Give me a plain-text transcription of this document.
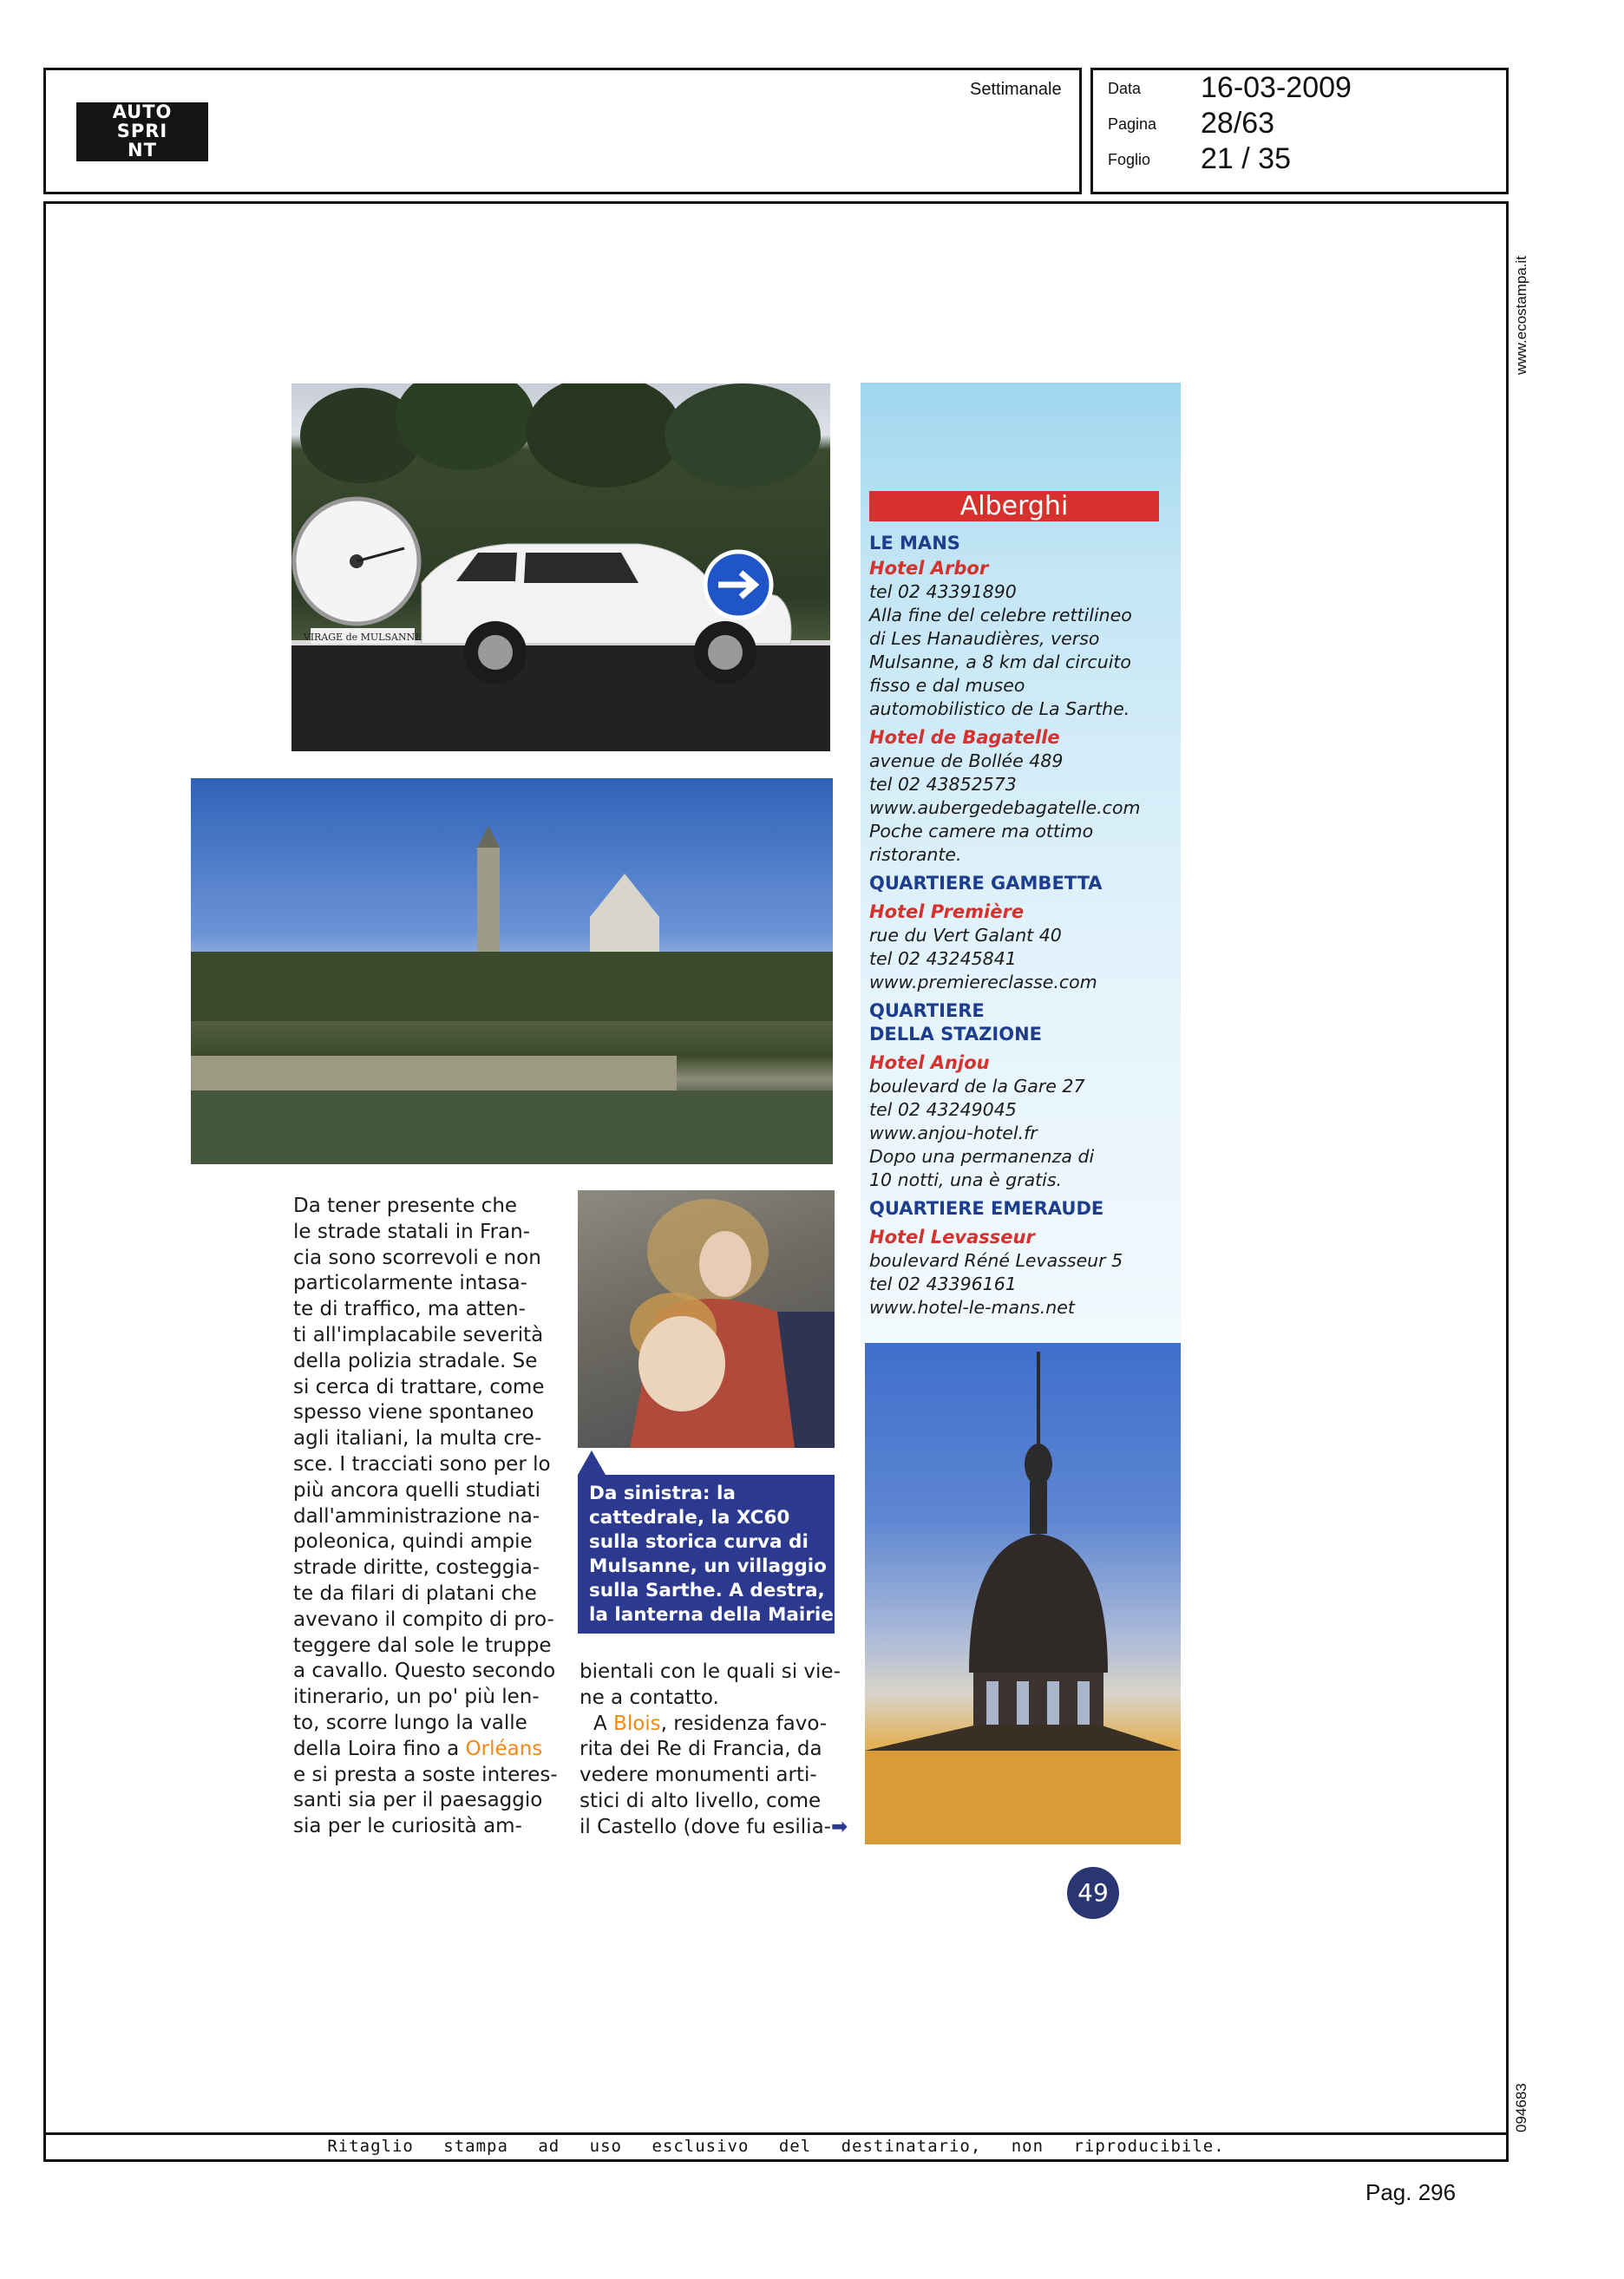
AUTO
SPRI
NT
Settimanale	Data 16-03-2009
Pagina 28/63
Foglio 21 / 35
Ritaglio stampa ad uso esclusivo del destinatario, non riproducibile.
Pag. 296
www.ecostampa.it
094683
VIRAGE de MULSANNE
Da sinistra: la
cattedrale, la XC60
sulla storica curva di
Mulsanne, un villaggio
sulla Sarthe. A destra,
la lanterna della Mairie
Alberghi
LE MANS
Hotel Arbor
tel 02 43391890
Alla fine del celebre rettilineo
di Les Hanaudières, verso
Mulsanne, a 8 km dal circuito
fisso e dal museo
automobilistico de La Sarthe.
Hotel de Bagatelle
avenue de Bollée 489
tel 02 43852573
www.aubergedebagatelle.com
Poche camere ma ottimo
ristorante.
QUARTIERE GAMBETTA
Hotel Première
rue du Vert Galant 40
tel 02 43245841
www.premiereclasse.com
QUARTIERE
DELLA STAZIONE
Hotel Anjou
boulevard de la Gare 27
tel 02 43249045
www.anjou-hotel.fr
Dopo una permanenza di
10 notti, una è gratis.
QUARTIERE EMERAUDE
Hotel Levasseur
boulevard Réné Levasseur 5
tel 02 43396161
www.hotel-le-mans.net
Da tener presente che
le strade statali in Fran-
cia sono scorrevoli e non
particolarmente intasa-
te di traffico, ma atten-
ti all'implacabile severità
della polizia stradale. Se
si cerca di trattare, come
spesso viene spontaneo
agli italiani, la multa cre-
sce. I tracciati sono per lo
più ancora quelli studiati
dall'amministrazione na-
poleonica, quindi ampie
strade diritte, costeggia-
te da filari di platani che
avevano il compito di pro-
teggere dal sole le truppe
a cavallo. Questo secondo
itinerario, un po' più len-
to, scorre lungo la valle
della Loira fino a Orléans
e si presta a soste interes-
santi sia per il paesaggio
sia per le curiosità am-
bientali con le quali si vie-
ne a contatto.
A Blois, residenza favo-
rita dei Re di Francia, da
vedere monumenti arti-
stici di alto livello, come
il Castello (dove fu esilia-➡
49
